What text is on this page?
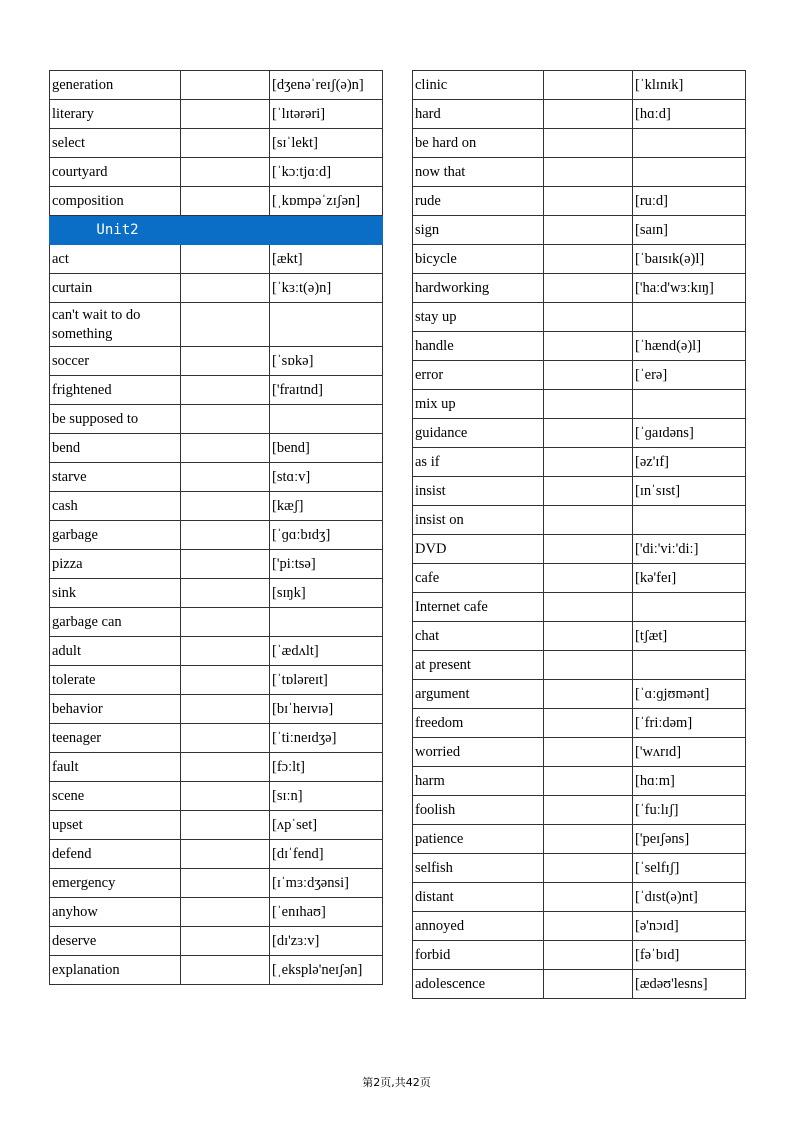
generation		[dʒenəˈreɪʃ(ə)n]
literary		[ˈlɪtərəri]
select		[sɪˈlekt]
courtyard		[ˈkɔːtjɑːd]
composition		[ˌkɒmpəˈzɪʃən]
Unit2		
act		[ækt]
curtain		[ˈkɜːt(ə)n]
can't wait to do something		
soccer		[ˈsɒkə]
frightened		['fraɪtnd]
be supposed to		
bend		[bend]
starve		[stɑːv]
cash		[kæʃ]
garbage		[ˈɡɑːbɪdʒ]
pizza		['piːtsə]
sink		[sɪŋk]
garbage can		
adult		[ˈædʌlt]
tolerate		[ˈtɒləreɪt]
behavior		[bɪˈheɪvɪə]
teenager		[ˈtiːneɪdʒə]
fault		[fɔːlt]
scene		[sɪːn]
upset		[ʌpˈset]
defend		[dɪˈfend]
emergency		[ɪˈmɜːdʒənsi]
anyhow		[ˈenɪhaʊ]
deserve		[dɪ'zɜːv]
explanation		[ˌeksplə'neɪʃən]
clinic		[ˈklɪnɪk]
hard		[hɑːd]
be hard on		
now that		
rude		[ruːd]
sign		[saɪn]
bicycle		[ˈbaɪsɪk(ə)l]
hardworking		['haːd'wɜːkɪŋ]
stay up		
handle		[ˈhænd(ə)l]
error		[ˈerə]
mix up		
guidance		[ˈɡaɪdəns]
as if		[əz'ɪf]
insist		[ɪnˈsɪst]
insist on		
DVD		['diː'viː'diː]
cafe		[kə'feɪ]
Internet cafe		
chat		[tʃæt]
at present		
argument		[ˈɑːɡjʊmənt]
freedom		[ˈfriːdəm]
worried		['wʌrɪd]
harm		[hɑːm]
foolish		[ˈfuːlɪʃ]
patience		['peɪʃəns]
selfish		[ˈselfɪʃ]
distant		[ˈdɪst(ə)nt]
annoyed		[ə'nɔɪd]
forbid		[fəˈbɪd]
adolescence		[ædəʊ'lesns]
第2页,共42页
